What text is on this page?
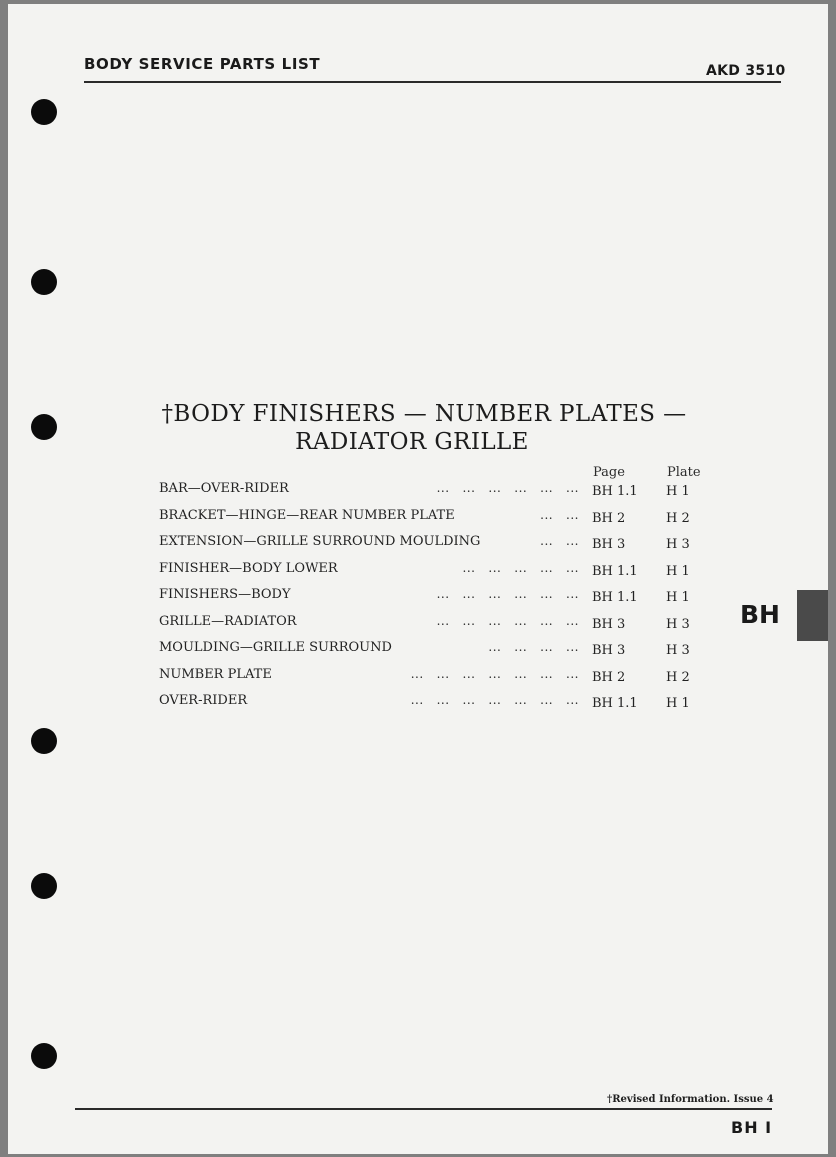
BODY SERVICE PARTS LIST	AKD 3510
†BODY FINISHERS — NUMBER PLATES —
RADIATOR GRILLE
Page	Plate
BAR—OVER-RIDER	...   ...   ...   ...   ...   ... BH 1.1 H 1
BRACKET—HINGE—REAR NUMBER PLATE	...   ... BH 2	H 2
EXTENSION—GRILLE SURROUND MOULDING	...   ... BH 3	H 3
FINISHER—BODY LOWER	...   ...   ...   ...   ... BH 1.1 H 1
FINISHERS—BODY	...   ...   ...   ...   ...   ... BH 1.1 H 1
GRILLE—RADIATOR	...   ...   ...   ...   ...   ... BH 3	H 3
MOULDING—GRILLE SURROUND	...   ...   ...   ... BH 3	H 3
NUMBER PLATE	...   ...   ...   ...   ...   ...   ... BH 2	H 2
OVER-RIDER	...   ...   ...   ...   ...   ...   ... BH 1.1 H 1
BH
†Revised Information. Issue 4
BH I
